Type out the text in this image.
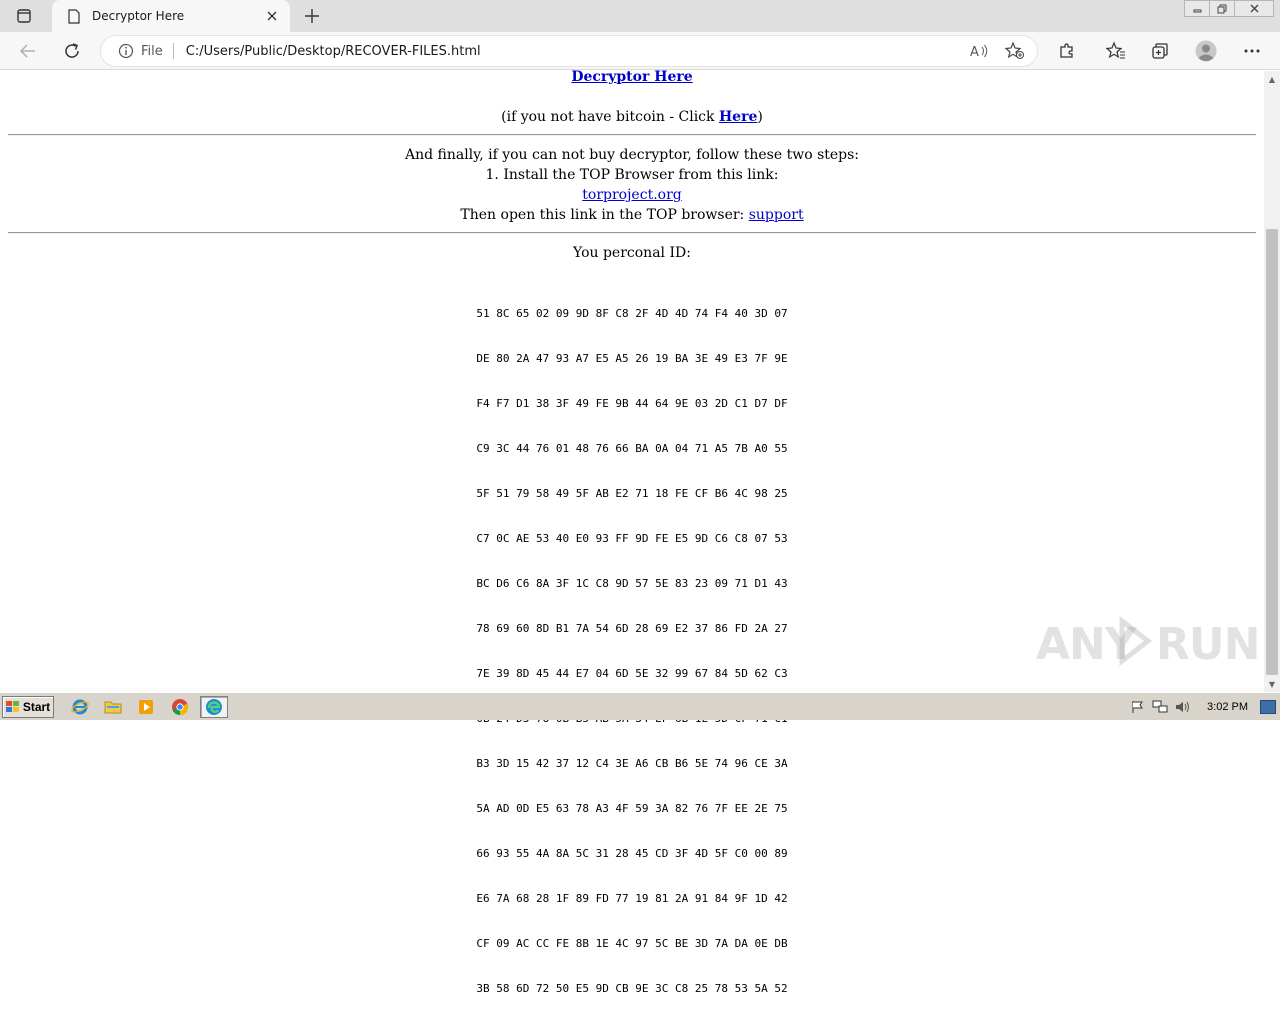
Decryptor Here
File C:/Users/Public/Desktop/RECOVER-FILES.html	A
Decryptor Here
(if you not have bitcoin - Click Here)
And finally, if you can not buy decryptor, follow these two steps:
1. Install the TOP Browser from this link:
torproject.org
Then open this link in the TOP browser: support
You perconal ID:

51 8C 65 02 09 9D 8F C8 2F 4D 4D 74 F4 40 3D 07

DE 80 2A 47 93 A7 E5 A5 26 19 BA 3E 49 E3 7F 9E

F4 F7 D1 38 3F 49 FE 9B 44 64 9E 03 2D C1 D7 DF

C9 3C 44 76 01 48 76 66 BA 0A 04 71 A5 7B A0 55

5F 51 79 58 49 5F AB E2 71 18 FE CF B6 4C 98 25

C7 0C AE 53 40 E0 93 FF 9D FE E5 9D C6 C8 07 53

BC D6 C6 8A 3F 1C C8 9D 57 5E 83 23 09 71 D1 43

78 69 60 8D B1 7A 54 6D 28 69 E2 37 86 FD 2A 27

7E 39 8D 45 44 E7 04 6D 5E 32 99 67 84 5D 62 C3

B3 3D 15 42 37 12 C4 3E A6 CB B6 5E 74 96 CE 3A

5A AD 0D E5 63 78 A3 4F 59 3A 82 76 7F EE 2E 75

66 93 55 4A 8A 5C 31 28 45 CD 3F 4D 5F C0 00 89

E6 7A 68 28 1F 89 FD 77 19 81 2A 91 84 9F 1D 42

CF 09 AC CC FE 8B 1E 4C 97 5C BE 3D 7A DA 0E DB

3B 58 6D 72 50 E5 9D CB 9E 3C C8 25 78 53 5A 52

ANY RUN
▲
▼
Start	3:02 PM
